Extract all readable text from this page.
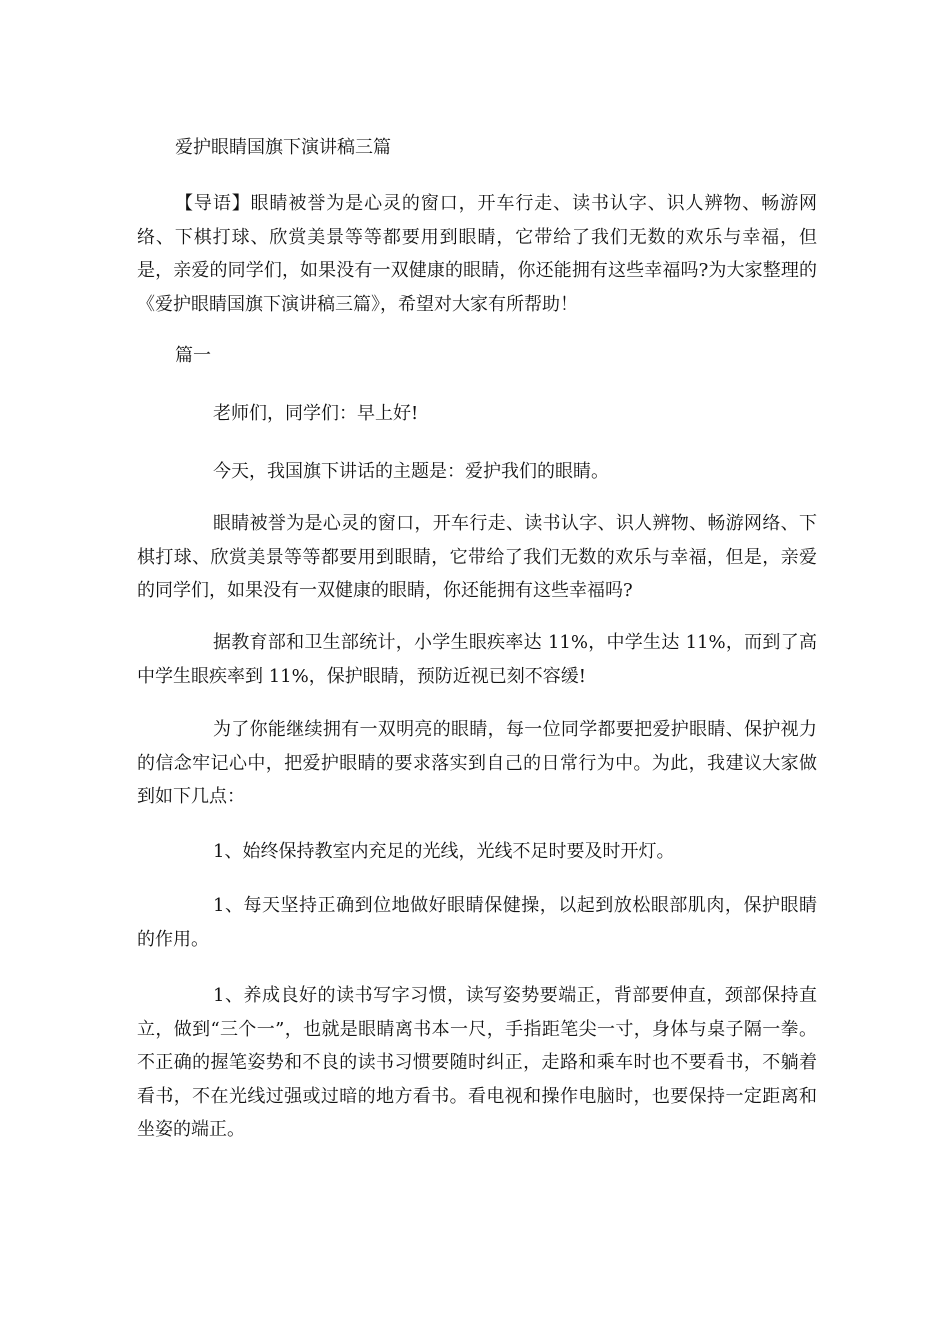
爱护眼睛国旗下演讲稿三篇

【导语】眼睛被誉为是心灵的窗口，开车行走、读书认字、识人辨物、畅游网络、下棋打球、欣赏美景等等都要用到眼睛，它带给了我们无数的欢乐与幸福，但是，亲爱的同学们，如果没有一双健康的眼睛，你还能拥有这些幸福吗?为大家整理的《爱护眼睛国旗下演讲稿三篇》，希望对大家有所帮助！

篇一

老师们，同学们：早上好!

今天，我国旗下讲话的主题是：爱护我们的眼睛。

眼睛被誉为是心灵的窗口，开车行走、读书认字、识人辨物、畅游网络、下棋打球、欣赏美景等等都要用到眼睛，它带给了我们无数的欢乐与幸福，但是，亲爱的同学们，如果没有一双健康的眼睛，你还能拥有这些幸福吗?

据教育部和卫生部统计，小学生眼疾率达 11%，中学生达 11%，而到了高中学生眼疾率到 11%，保护眼睛，预防近视已刻不容缓!

为了你能继续拥有一双明亮的眼睛，每一位同学都要把爱护眼睛、保护视力的信念牢记心中，把爱护眼睛的要求落实到自己的日常行为中。为此，我建议大家做到如下几点：

1、始终保持教室内充足的光线，光线不足时要及时开灯。

1、每天坚持正确到位地做好眼睛保健操，以起到放松眼部肌肉，保护眼睛的作用。

1、养成良好的读书写字习惯，读写姿势要端正，背部要伸直，颈部保持直立，做到“三个一”，也就是眼睛离书本一尺，手指距笔尖一寸，身体与桌子隔一拳。不正确的握笔姿势和不良的读书习惯要随时纠正，走路和乘车时也不要看书，不躺着看书，不在光线过强或过暗的地方看书。看电视和操作电脑时，也要保持一定距离和坐姿的端正。
